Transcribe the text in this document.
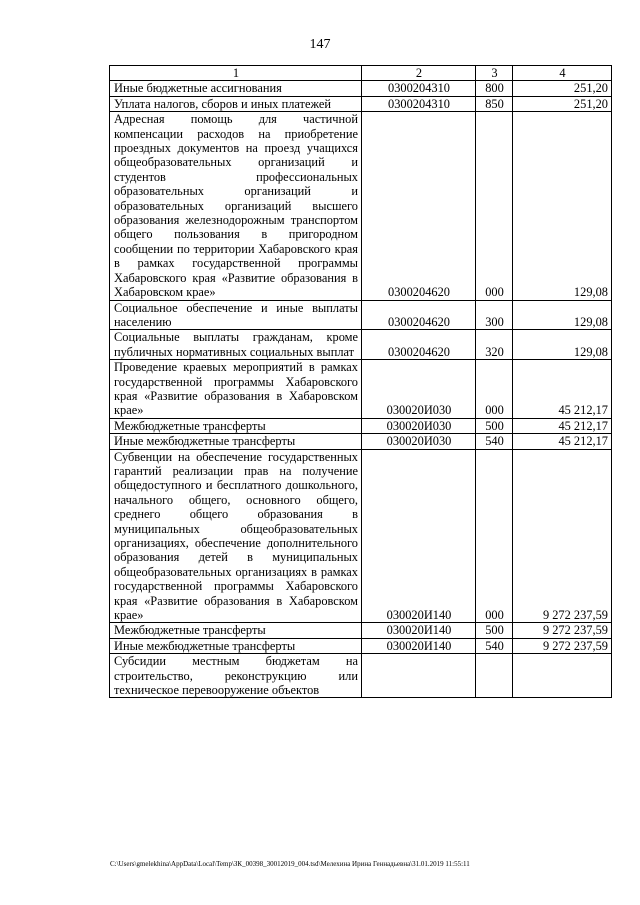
147
1	2	3	4
Иные бюджетные ассигнования	0300204310	800	251,20
Уплата налогов, сборов и иных платежей	0300204310	850	251,20
Адресная помощь для частичной компенсации расходов на приобретение проездных документов на проезд учащихся общеобразовательных организаций и студентов профессиональных образовательных организаций и образовательных организаций высшего образования железнодорожным транспортом общего пользования в пригородном сообщении по территории Хабаровского края в рамках государственной программы Хабаровского края «Развитие образования в Хабаровском крае»	0300204620	000	129,08
Социальное обеспечение и иные выплаты населению	0300204620	300	129,08
Социальные выплаты гражданам, кроме публичных нормативных социальных выплат	0300204620	320	129,08
Проведение краевых мероприятий в рамках государственной программы Хабаровского края «Развитие образования в Хабаровском крае»	030020И030	000	45 212,17
Межбюджетные трансферты	030020И030	500	45 212,17
Иные межбюджетные трансферты	030020И030	540	45 212,17
Субвенции на обеспечение государственных гарантий реализации прав на получение общедоступного и бесплатного дошкольного, начального общего, основного общего, среднего общего образования в муниципальных общеобразовательных организациях, обеспечение дополнительного образования детей в муниципальных общеобразовательных организациях в рамках государственной программы Хабаровского края «Развитие образования в Хабаровском крае»	030020И140	000	9 272 237,59
Межбюджетные трансферты	030020И140	500	9 272 237,59
Иные межбюджетные трансферты	030020И140	540	9 272 237,59
Субсидии местным бюджетам на строительство, реконструкцию или техническое перевооружение объектов			
C:\Users\gmelekhina\AppData\Local\Temp\ЗК_00398_30012019_004.tsd\Мелехина Ирина Геннадьевна\31.01.2019 11:55:11
